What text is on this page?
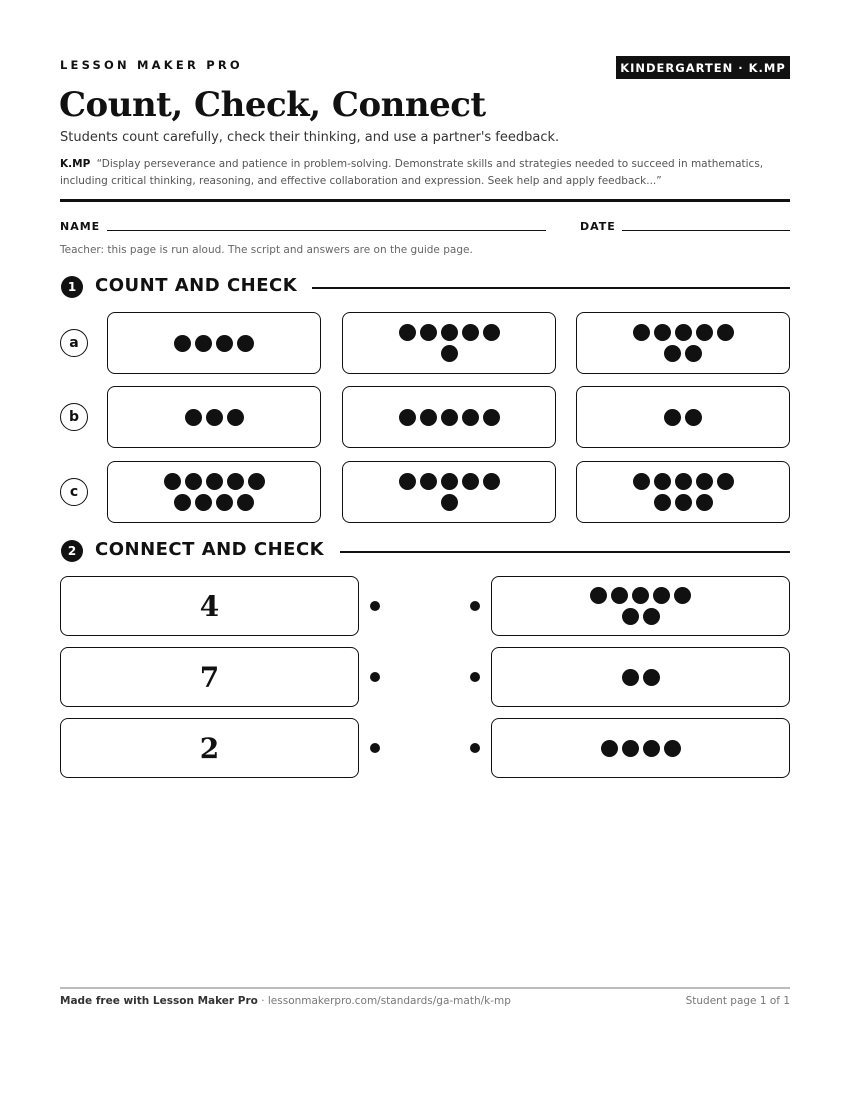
LESSON MAKER PRO	KINDERGARTEN · K.MP
Count, Check, Connect
Students count carefully, check their thinking, and use a partner's feedback.
K.MP “Display perseverance and patience in problem-solving. Demonstrate skills and strategies needed to succeed in mathematics, including critical thinking, reasoning, and effective collaboration and expression. Seek help and apply feedback...”
NAME	DATE
Teacher: this page is run aloud. The script and answers are on the guide page.
1	COUNT AND CHECK
a
b
c
2	CONNECT AND CHECK
4
7
2
Made free with Lesson Maker Pro · lessonmakerpro.com/standards/ga-math/k-mp	Student page 1 of 1
